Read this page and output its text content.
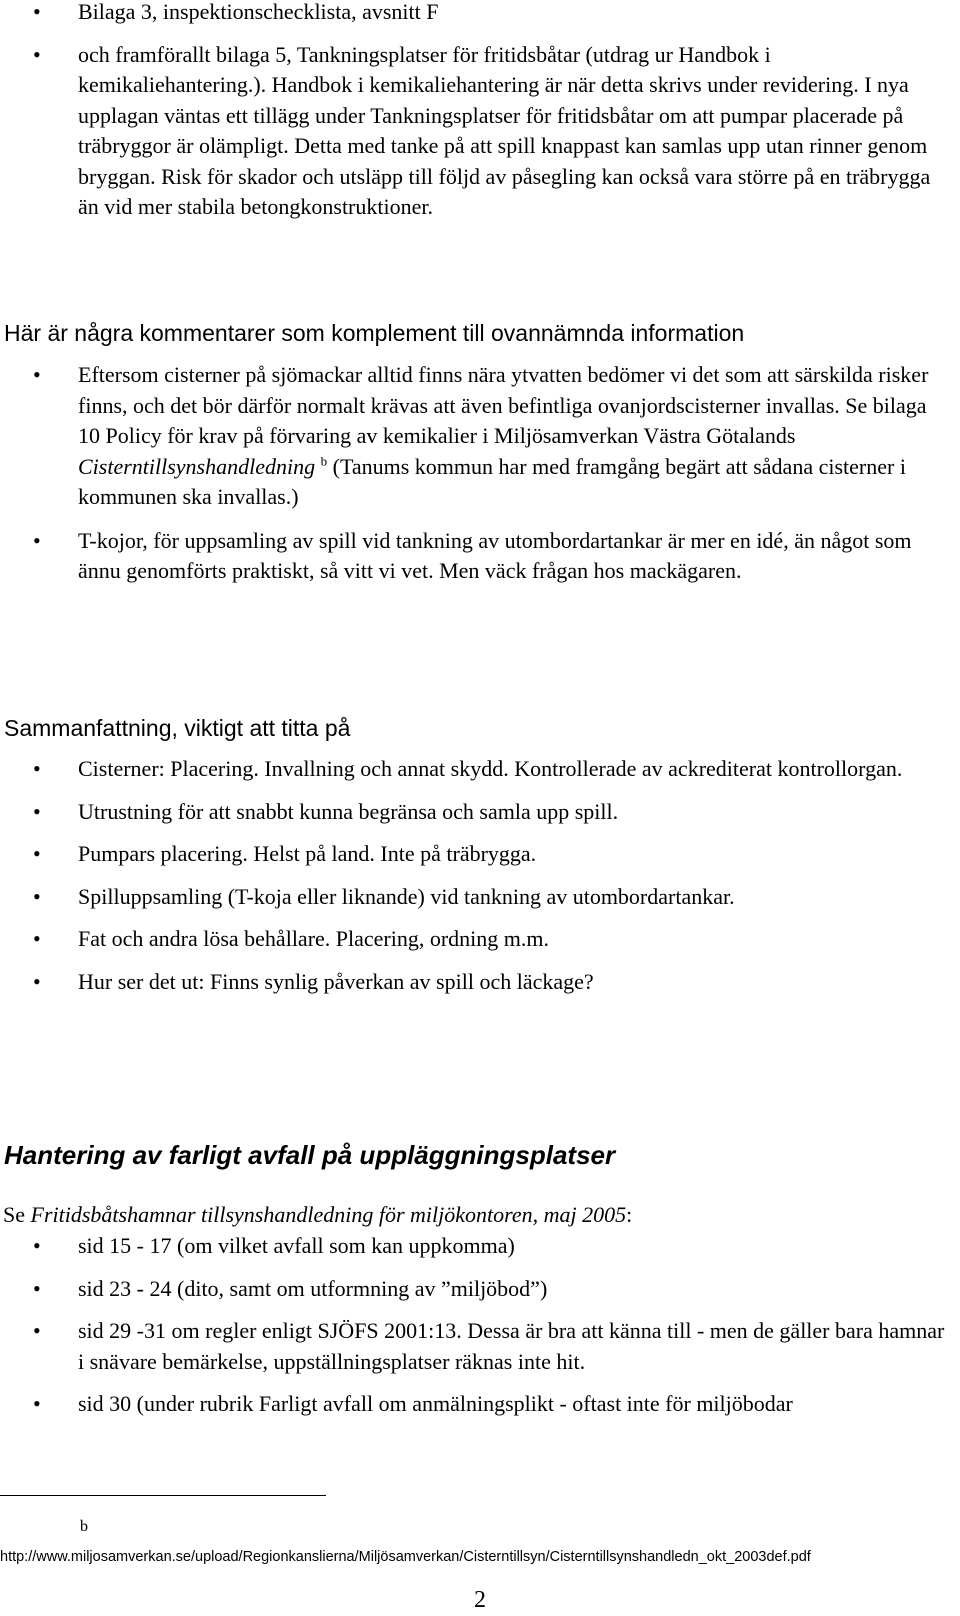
• Bilaga 3, inspektionschecklista, avsnitt F
• och framförallt bilaga 5, Tankningsplatser för fritidsbåtar (utdrag ur Handbok i kemikaliehantering.). Handbok i kemikaliehantering är när detta skrivs under revidering. I nya upplagan väntas ett tillägg under Tankningsplatser för fritidsbåtar om att pumpar placerade på träbryggor är olämpligt. Detta med tanke på att spill knappast kan samlas upp utan rinner genom bryggan. Risk för skador och utsläpp till följd av påsegling kan också vara större på en träbrygga än vid mer stabila betongkonstruktioner.
Här är några kommentarer som komplement till ovannämnda information
• Eftersom cisterner på sjömackar alltid finns nära ytvatten bedömer vi det som att särskilda risker finns, och det bör därför normalt krävas att även befintliga ovanjordscisterner invallas. Se bilaga 10 Policy för krav på förvaring av kemikalier i Miljösamverkan Västra Götalands Cisterntillsynshandledning $^b$ (Tanums kommun har med framgång begärt att sådana cisterner i kommunen ska invallas.)
• T-kojor, för uppsamling av spill vid tankning av utombordartankar är mer en idé, än något som ännu genomförts praktiskt, så vitt vi vet. Men väck frågan hos mackägaren.
Sammanfattning, viktigt att titta på
• Cisterner: Placering. Invallning och annat skydd. Kontrollerade av ackrediterat kontrollorgan.
• Utrustning för att snabbt kunna begränsa och samla upp spill.
• Pumpars placering. Helst på land. Inte på träbrygga.
• Spilluppsamling (T-koja eller liknande) vid tankning av utombordartankar.
• Fat och andra lösa behållare. Placering, ordning m.m.
• Hur ser det ut: Finns synlig påverkan av spill och läckage?
Hantering av farligt avfall på uppläggningsplatser
Se Fritidsbåtshamnar tillsynshandledning för miljökontoren, maj 2005:
• sid 15 - 17 (om vilket avfall som kan uppkomma)
• sid 23 - 24 (dito, samt om utformning av ”miljöbod”)
• sid 29 -31 om regler enligt SJÖFS 2001:13. Dessa är bra att känna till - men de gäller bara hamnar i snävare bemärkelse, uppställningsplatser räknas inte hit.
• sid 30 (under rubrik Farligt avfall om anmälningsplikt - oftast inte för miljöbodar
b
http://www.miljosamverkan.se/upload/Regionkanslierna/Miljösamverkan/Cisterntillsyn/Cisterntillsynshandledn_okt_2003def.pdf
2
